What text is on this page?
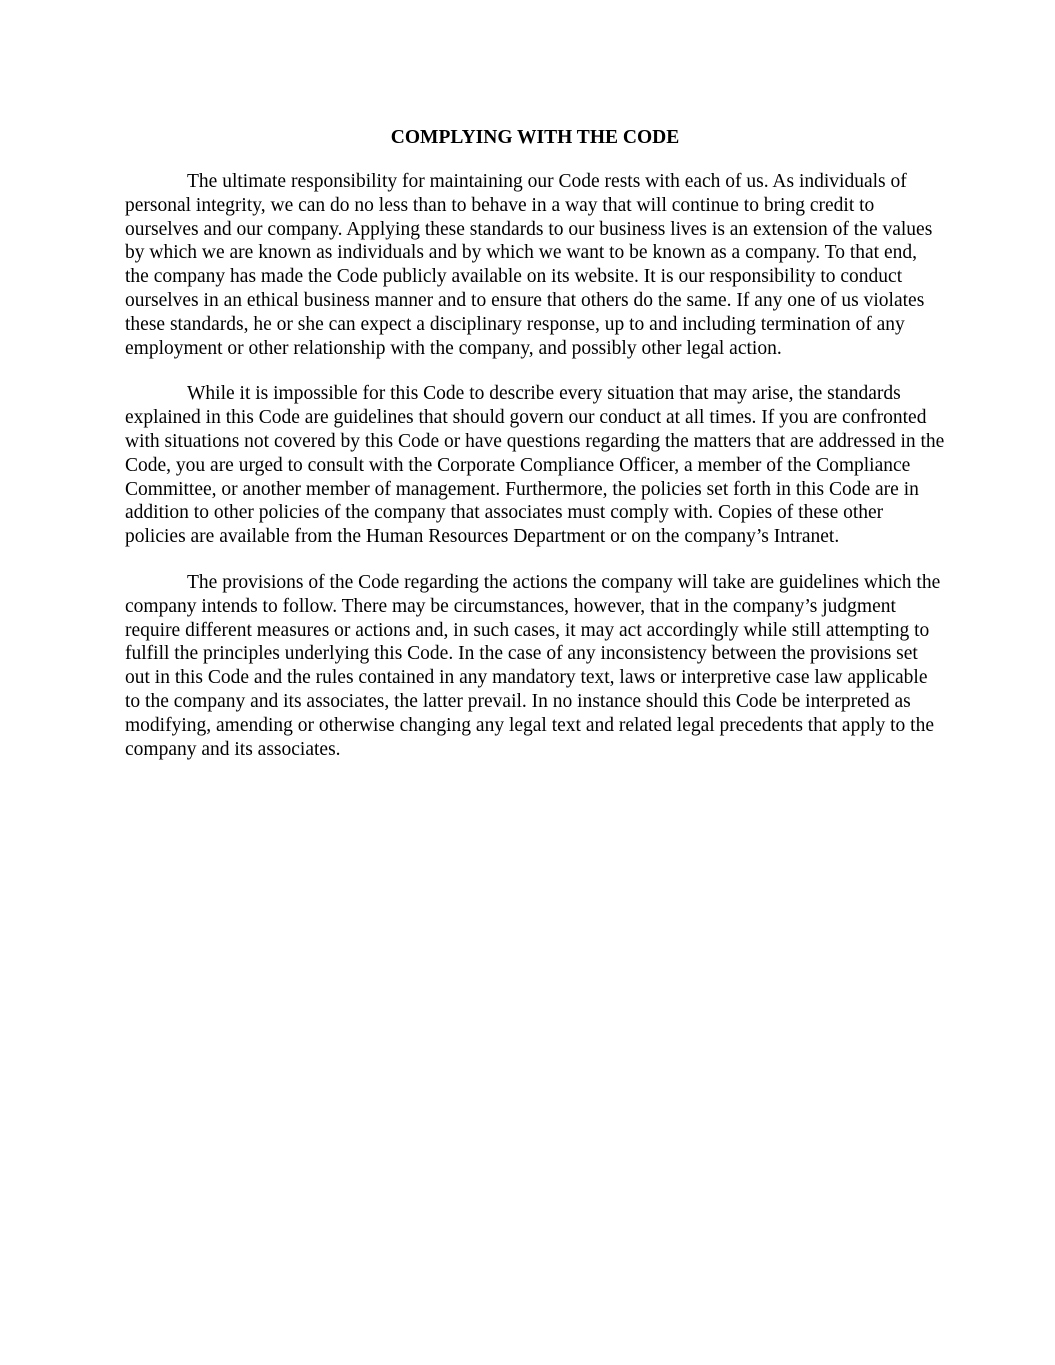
COMPLYING WITH THE CODE

The ultimate responsibility for maintaining our Code rests with each of us. As individuals of personal integrity, we can do no less than to behave in a way that will continue to bring credit to ourselves and our company. Applying these standards to our business lives is an extension of the values by which we are known as individuals and by which we want to be known as a company. To that end, the company has made the Code publicly available on its website. It is our responsibility to conduct ourselves in an ethical business manner and to ensure that others do the same. If any one of us violates these standards, he or she can expect a disciplinary response, up to and including termination of any employment or other relationship with the company, and possibly other legal action.

While it is impossible for this Code to describe every situation that may arise, the standards explained in this Code are guidelines that should govern our conduct at all times. If you are confronted with situations not covered by this Code or have questions regarding the matters that are addressed in the Code, you are urged to consult with the Corporate Compliance Officer, a member of the Compliance Committee, or another member of management. Furthermore, the policies set forth in this Code are in addition to other policies of the company that associates must comply with. Copies of these other policies are available from the Human Resources Department or on the company’s Intranet.

The provisions of the Code regarding the actions the company will take are guidelines which the company intends to follow. There may be circumstances, however, that in the company’s judgment require different measures or actions and, in such cases, it may act accordingly while still attempting to fulfill the principles underlying this Code. In the case of any inconsistency between the provisions set out in this Code and the rules contained in any mandatory text, laws or interpretive case law applicable to the company and its associates, the latter prevail. In no instance should this Code be interpreted as modifying, amending or otherwise changing any legal text and related legal precedents that apply to the company and its associates.
